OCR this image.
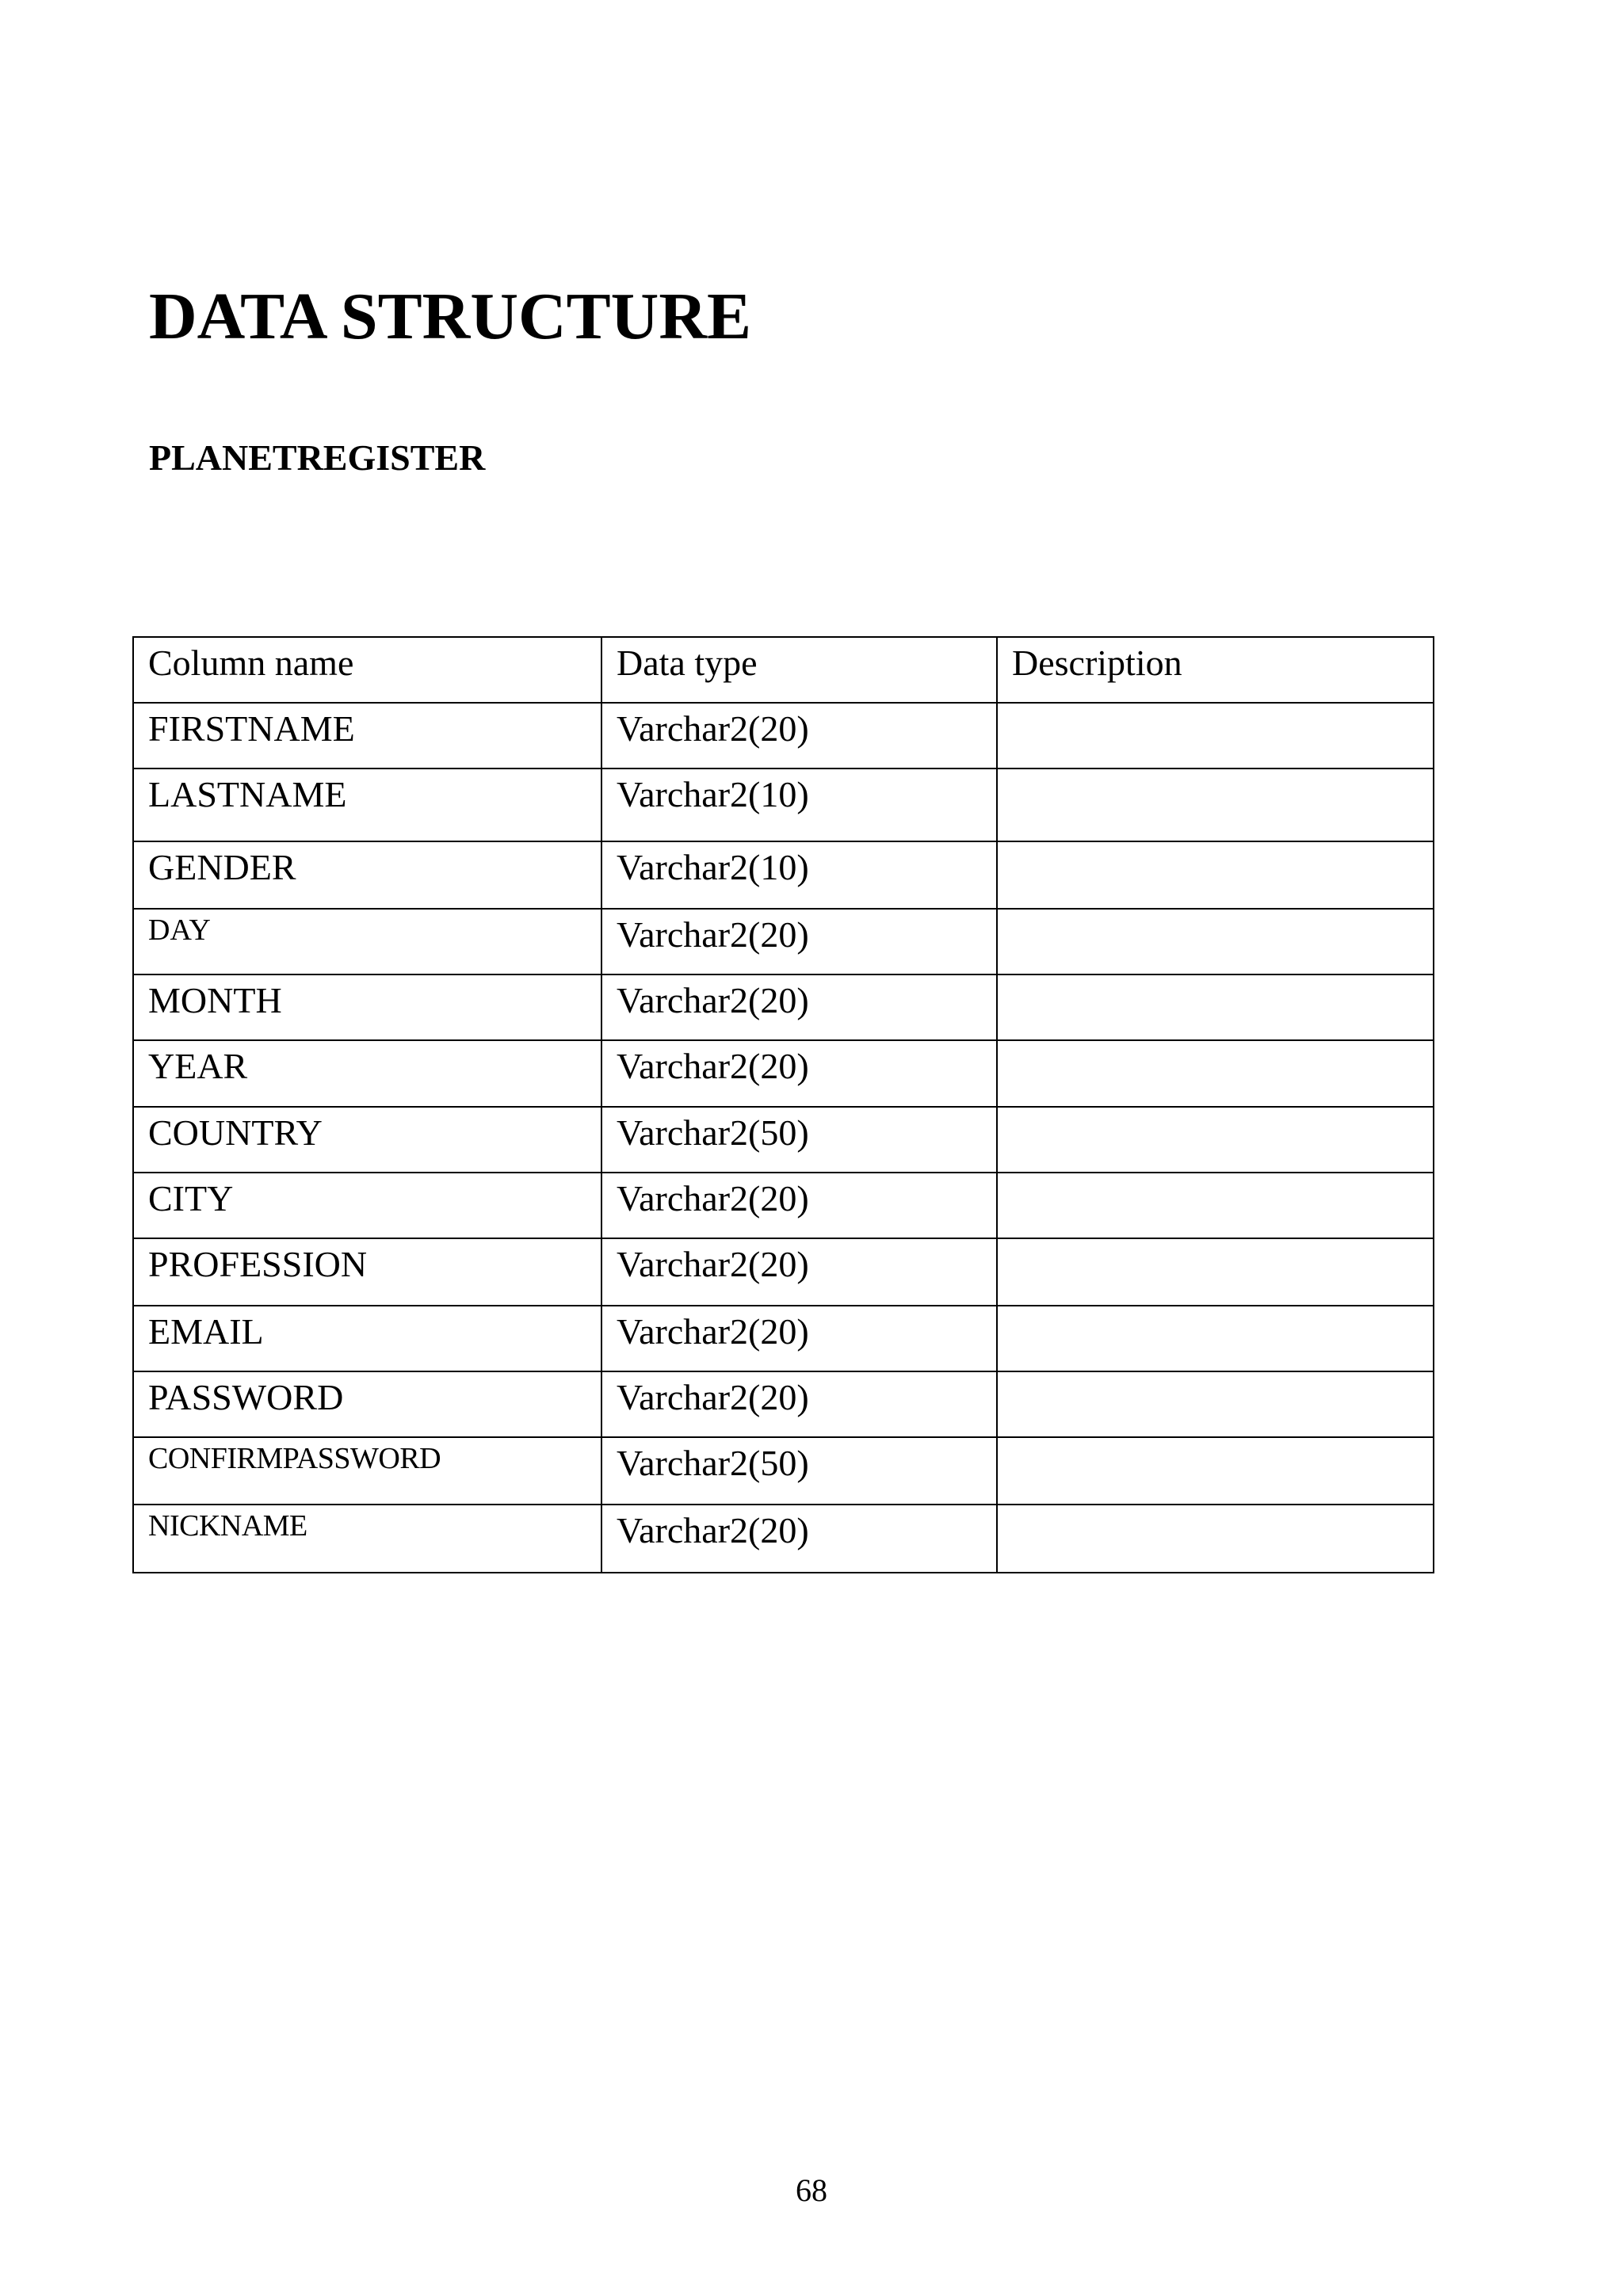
DATA STRUCTURE
PLANETREGISTER
Column name	Data type	Description
FIRSTNAME	Varchar2(20)	
LASTNAME	Varchar2(10)	
GENDER	Varchar2(10)	
DAY	Varchar2(20)	
MONTH	Varchar2(20)	
YEAR	Varchar2(20)	
COUNTRY	Varchar2(50)	
CITY	Varchar2(20)	
PROFESSION	Varchar2(20)	
EMAIL	Varchar2(20)	
PASSWORD	Varchar2(20)	
CONFIRMPASSWORD	Varchar2(50)	
NICKNAME	Varchar2(20)	
68
